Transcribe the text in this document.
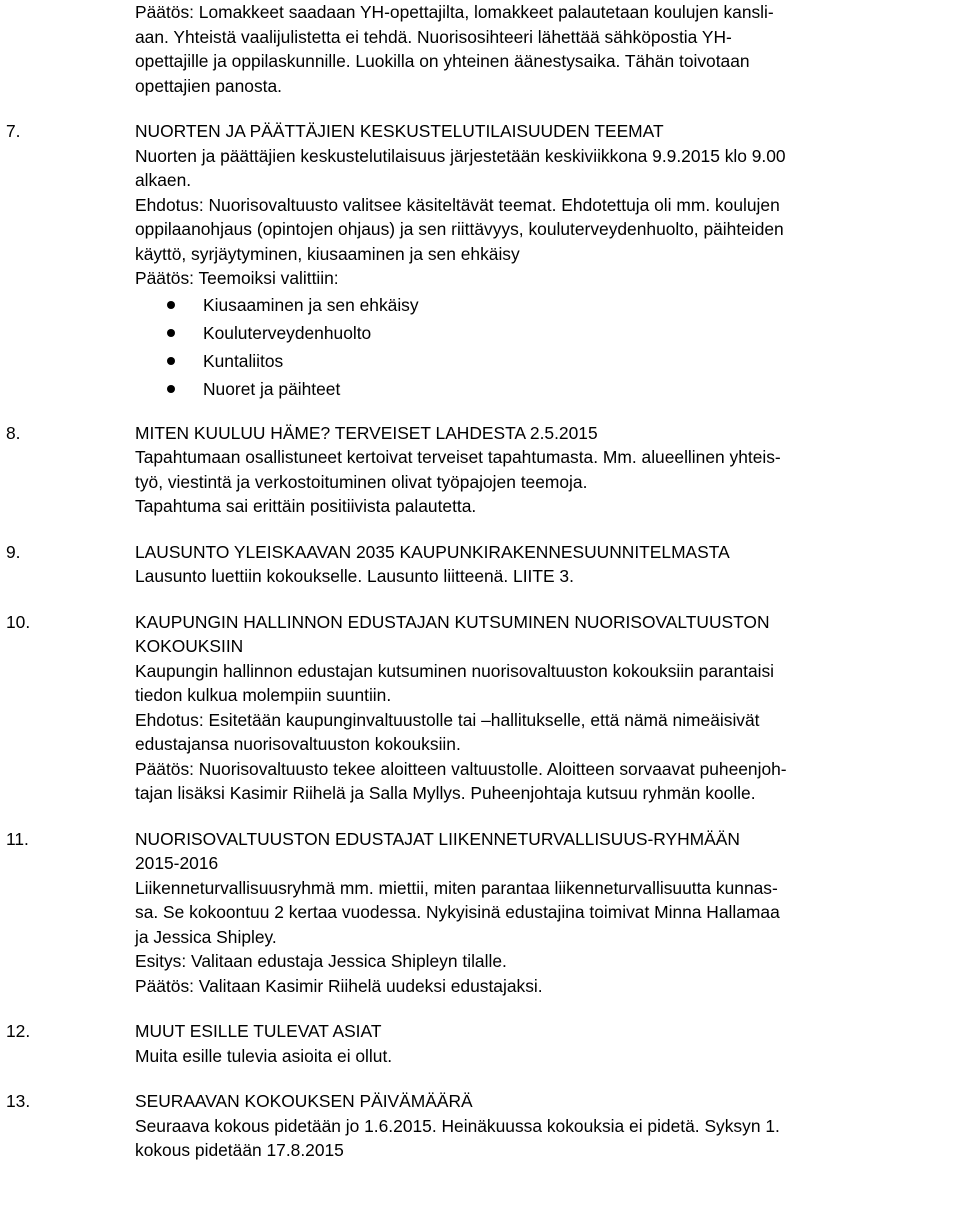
Päätös: Lomakkeet saadaan YH-opettajilta, lomakkeet palautetaan koulujen kansli-
aan. Yhteistä vaalijulistetta ei tehdä. Nuorisosihteeri lähettää sähköpostia YH-
opettajille ja oppilaskunnille. Luokilla on yhteinen äänestysaika. Tähän toivotaan
opettajien panosta.
7.	NUORTEN JA PÄÄTTÄJIEN KESKUSTELUTILAISUUDEN TEEMAT
Nuorten ja päättäjien keskustelutilaisuus järjestetään keskiviikkona 9.9.2015 klo 9.00
alkaen.
Ehdotus: Nuorisovaltuusto valitsee käsiteltävät teemat. Ehdotettuja oli mm. koulujen
oppilaanohjaus (opintojen ohjaus) ja sen riittävyys, kouluterveydenhuolto, päihteiden
käyttö, syrjäytyminen, kiusaaminen ja sen ehkäisy
Päätös: Teemoiksi valittiin:
Kiusaaminen ja sen ehkäisy
Kouluterveydenhuolto
Kuntaliitos
Nuoret ja päihteet
8.	MITEN KUULUU HÄME? TERVEISET LAHDESTA 2.5.2015
Tapahtumaan osallistuneet kertoivat terveiset tapahtumasta. Mm. alueellinen yhteis-
työ, viestintä ja verkostoituminen olivat työpajojen teemoja.
Tapahtuma sai erittäin positiivista palautetta.
9.	LAUSUNTO YLEISKAAVAN 2035 KAUPUNKIRAKENNESUUNNITELMASTA
Lausunto luettiin kokoukselle. Lausunto liitteenä. LIITE 3.
10.	KAUPUNGIN HALLINNON EDUSTAJAN KUTSUMINEN NUORISOVALTUUSTON
KOKOUKSIIN
Kaupungin hallinnon edustajan kutsuminen nuorisovaltuuston kokouksiin parantaisi
tiedon kulkua molempiin suuntiin.
Ehdotus: Esitetään kaupunginvaltuustolle tai –hallitukselle, että nämä nimeäisivät
edustajansa nuorisovaltuuston kokouksiin.
Päätös: Nuorisovaltuusto tekee aloitteen valtuustolle. Aloitteen sorvaavat puheenjoh-
tajan lisäksi Kasimir Riihelä ja Salla Myllys. Puheenjohtaja kutsuu ryhmän koolle.
11.	NUORISOVALTUUSTON EDUSTAJAT LIIKENNETURVALLISUUS-RYHMÄÄN
2015-2016
Liikenneturvallisuusryhmä mm. miettii, miten parantaa liikenneturvallisuutta kunnas-
sa. Se kokoontuu 2 kertaa vuodessa. Nykyisinä edustajina toimivat Minna Hallamaa
ja Jessica Shipley.
Esitys: Valitaan edustaja Jessica Shipleyn tilalle.
Päätös: Valitaan Kasimir Riihelä uudeksi edustajaksi.
12.	MUUT ESILLE TULEVAT ASIAT
Muita esille tulevia asioita ei ollut.
13.	SEURAAVAN KOKOUKSEN PÄIVÄMÄÄRÄ
Seuraava kokous pidetään jo 1.6.2015. Heinäkuussa kokouksia ei pidetä. Syksyn 1.
kokous pidetään 17.8.2015
